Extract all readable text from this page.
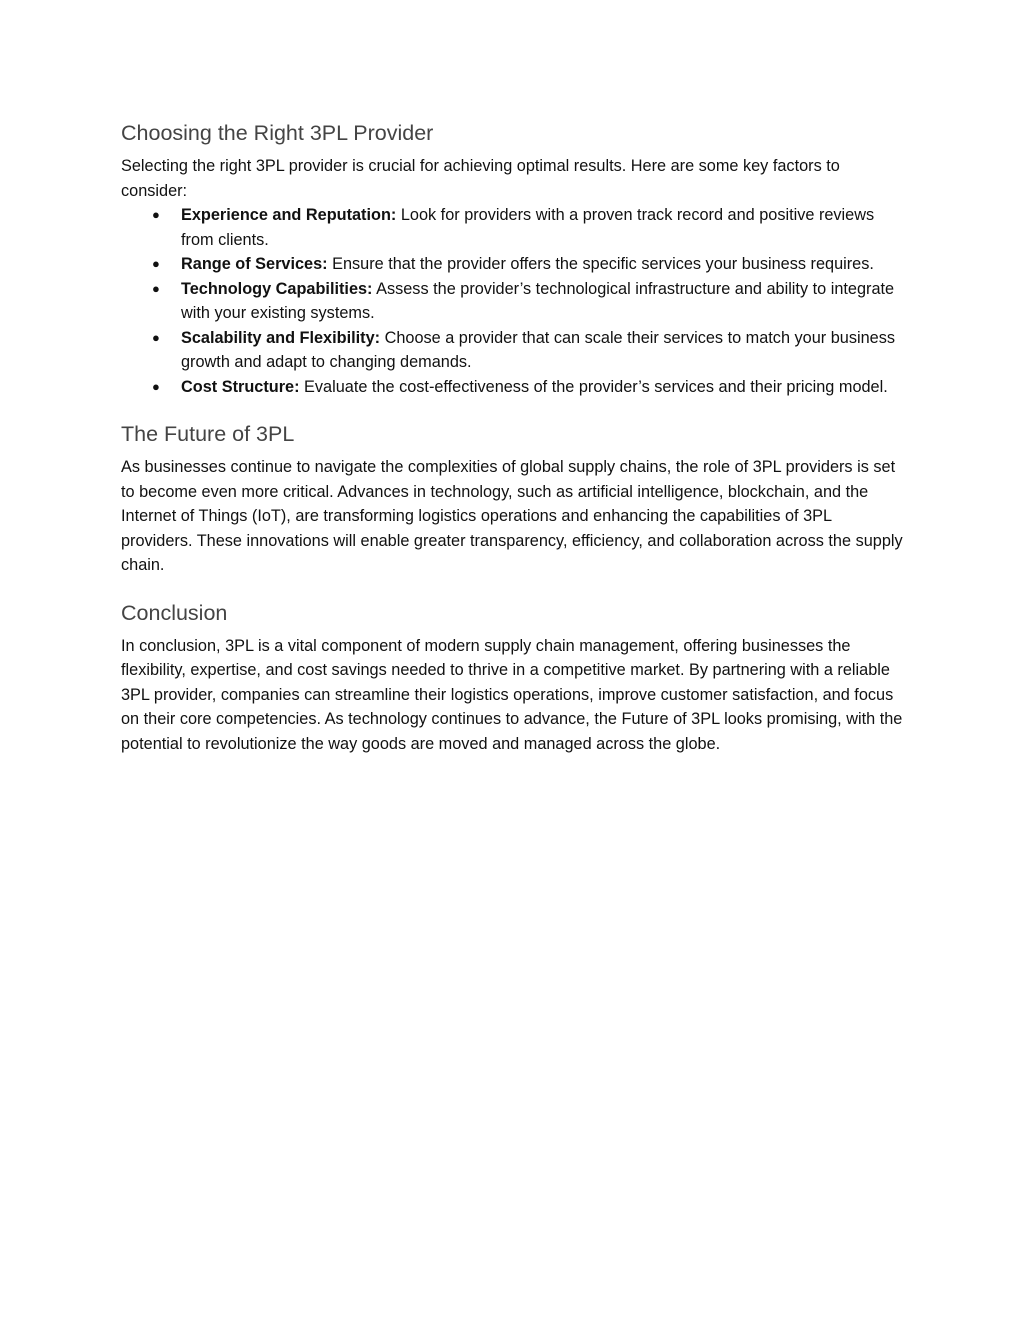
Choosing the Right 3PL Provider

Selecting the right 3PL provider is crucial for achieving optimal results. Here are some key factors to consider:

● Experience and Reputation: Look for providers with a proven track record and positive reviews from clients.
● Range of Services: Ensure that the provider offers the specific services your business requires.
● Technology Capabilities: Assess the provider’s technological infrastructure and ability to integrate with your existing systems.
● Scalability and Flexibility: Choose a provider that can scale their services to match your business growth and adapt to changing demands.
● Cost Structure: Evaluate the cost-effectiveness of the provider’s services and their pricing model.
The Future of 3PL

As businesses continue to navigate the complexities of global supply chains, the role of 3PL providers is set to become even more critical. Advances in technology, such as artificial intelligence, blockchain, and the Internet of Things (IoT), are transforming logistics operations and enhancing the capabilities of 3PL providers. These innovations will enable greater transparency, efficiency, and collaboration across the supply chain.

Conclusion

In conclusion, 3PL is a vital component of modern supply chain management, offering businesses the flexibility, expertise, and cost savings needed to thrive in a competitive market. By partnering with a reliable 3PL provider, companies can streamline their logistics operations, improve customer satisfaction, and focus on their core competencies. As technology continues to advance, the Future of 3PL looks promising, with the potential to revolutionize the way goods are moved and managed across the globe.
